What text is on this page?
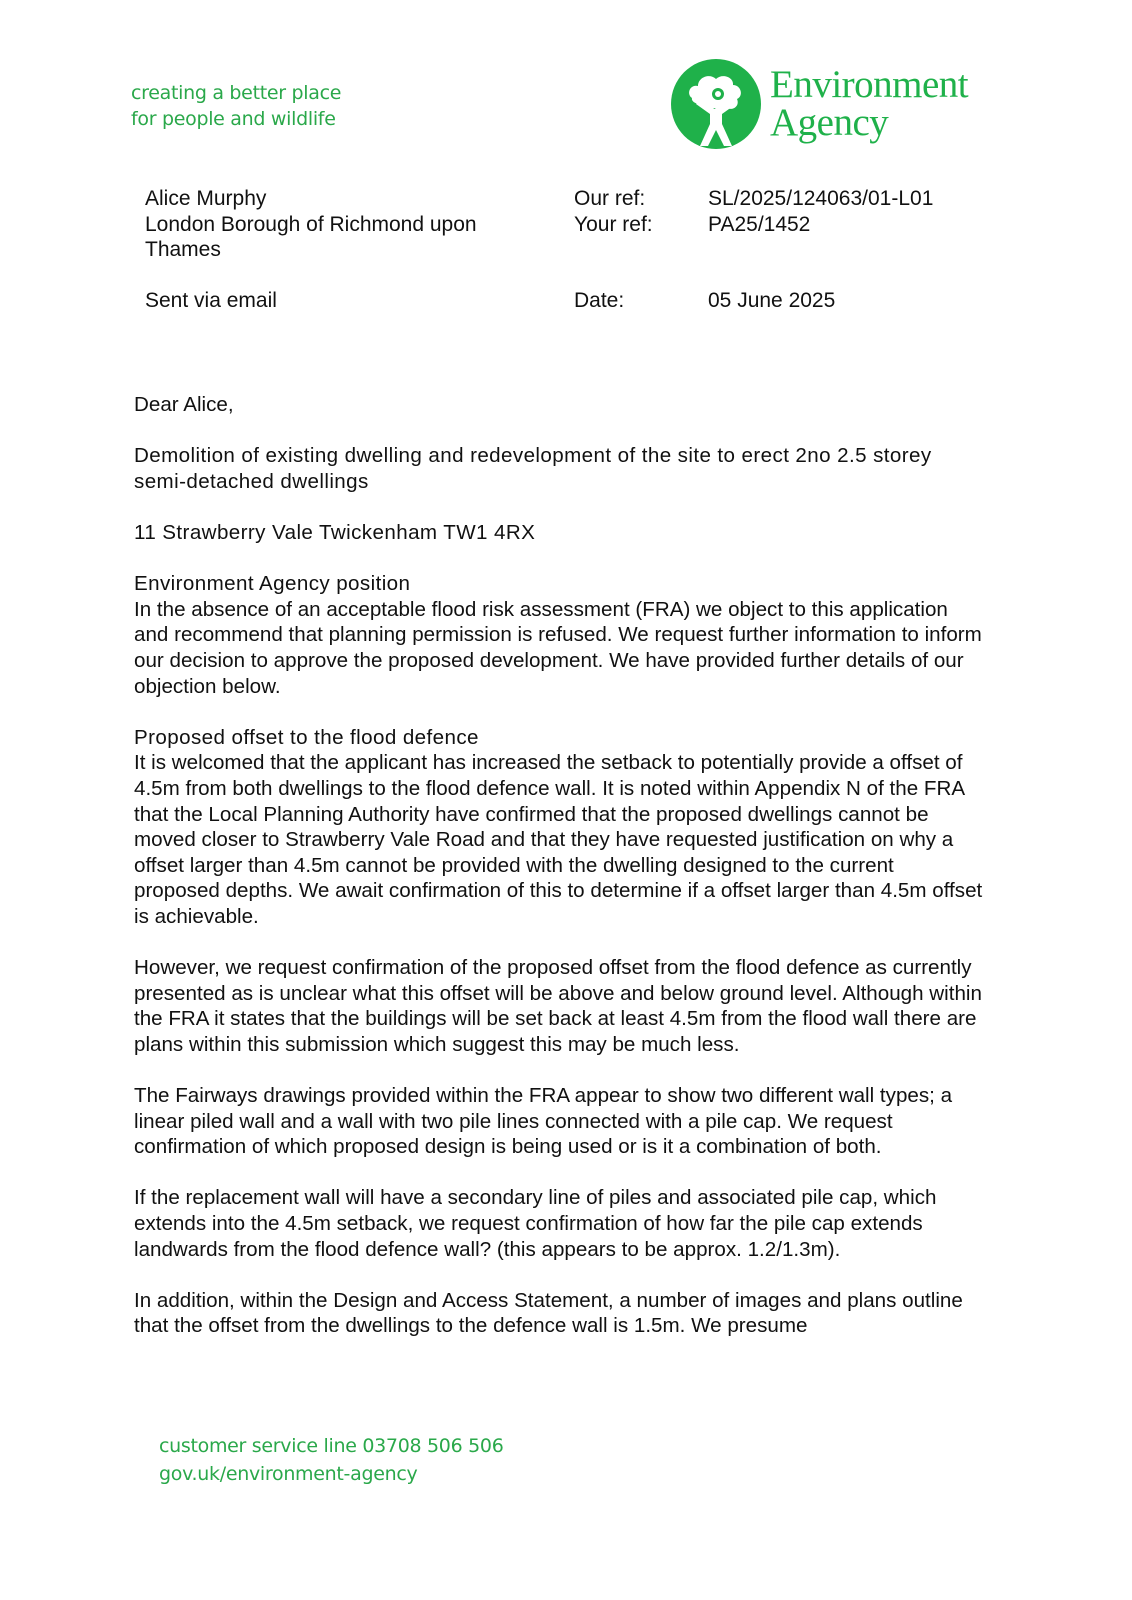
creating a better place
for people and wildlife
Environment
Agency
Alice Murphy
London Borough of Richmond upon Thames
Our ref:	SL/2025/124063/01-L01
Your ref:	PA25/1452
Sent via email	Date:	05 June 2025

Dear Alice,

Demolition of existing dwelling and redevelopment of the site to erect 2no 2.5 storey semi-detached dwellings

11 Strawberry Vale Twickenham TW1 4RX

Environment Agency position

In the absence of an acceptable flood risk assessment (FRA) we object to this application and recommend that planning permission is refused. We request further information to inform our decision to approve the proposed development. We have provided further details of our objection below.

Proposed offset to the flood defence

It is welcomed that the applicant has increased the setback to potentially provide a offset of 4.5m from both dwellings to the flood defence wall. It is noted within Appendix N of the FRA that the Local Planning Authority have confirmed that the proposed dwellings cannot be moved closer to Strawberry Vale Road and that they have requested justification on why a offset larger than 4.5m cannot be provided with the dwelling designed to the current proposed depths. We await confirmation of this to determine if a offset larger than 4.5m offset is achievable.

However, we request confirmation of the proposed offset from the flood defence as currently presented as is unclear what this offset will be above and below ground level. Although within the FRA it states that the buildings will be set back at least 4.5m from the flood wall there are plans within this submission which suggest this may be much less.

The Fairways drawings provided within the FRA appear to show two different wall types; a linear piled wall and a wall with two pile lines connected with a pile cap. We request confirmation of which proposed design is being used or is it a combination of both.

If the replacement wall will have a secondary line of piles and associated pile cap, which extends into the 4.5m setback, we request confirmation of how far the pile cap extends landwards from the flood defence wall? (this appears to be approx. 1.2/1.3m).

In addition, within the Design and Access Statement, a number of images and plans outline that the offset from the dwellings to the defence wall is 1.5m. We presume

customer service line 03708 506 506
gov.uk/environment-agency
